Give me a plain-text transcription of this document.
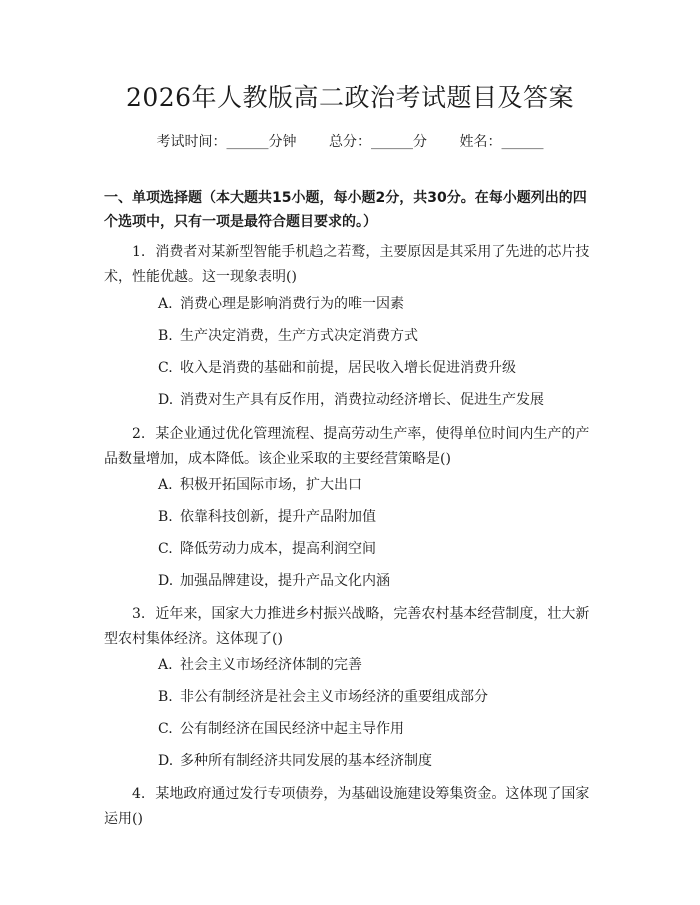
2026年人教版高二政治考试题目及答案
考试时间：______分钟 总分：______分 姓名：______
一、单项选择题（本大题共15小题，每小题2分，共30分。在每小题列出的四个选项中，只有一项是最符合题目要求的。）
1. 消费者对某新型智能手机趋之若鹜，主要原因是其采用了先进的芯片技术，性能优越。这一现象表明()
A. 消费心理是影响消费行为的唯一因素
B. 生产决定消费，生产方式决定消费方式
C. 收入是消费的基础和前提，居民收入增长促进消费升级
D. 消费对生产具有反作用，消费拉动经济增长、促进生产发展
2. 某企业通过优化管理流程、提高劳动生产率，使得单位时间内生产的产品数量增加，成本降低。该企业采取的主要经营策略是()
A. 积极开拓国际市场，扩大出口
B. 依靠科技创新，提升产品附加值
C. 降低劳动力成本，提高利润空间
D. 加强品牌建设，提升产品文化内涵
3. 近年来，国家大力推进乡村振兴战略，完善农村基本经营制度，壮大新型农村集体经济。这体现了()
A. 社会主义市场经济体制的完善
B. 非公有制经济是社会主义市场经济的重要组成部分
C. 公有制经济在国民经济中起主导作用
D. 多种所有制经济共同发展的基本经济制度
4. 某地政府通过发行专项债券，为基础设施建设筹集资金。这体现了国家运用()
